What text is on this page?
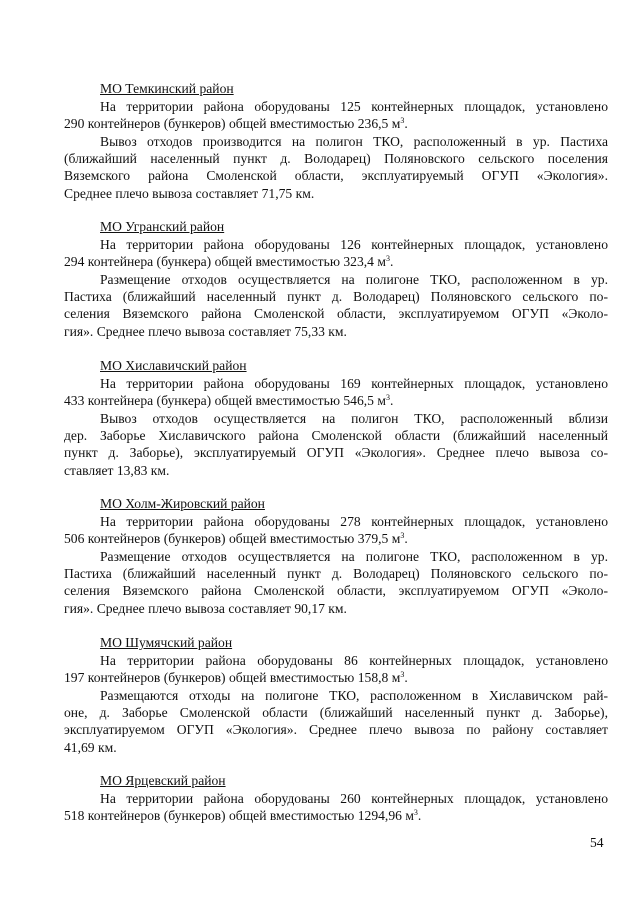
МО Темкинский район
На территории района оборудованы 125 контейнерных площадок, установлено
290 контейнеров (бункеров) общей вместимостью 236,5 $м^3$.
Вывоз отходов производится на полигон ТКО, расположенный в ур. Пастиха
(ближайший населенный пункт д. Володарец) Поляновского сельского поселения
Вяземского района Смоленской области, эксплуатируемый ОГУП «Экология».
Среднее плечо вывоза составляет 71,75 км.
МО Угранский район
На территории района оборудованы 126 контейнерных площадок, установлено
294 контейнера (бункера) общей вместимостью 323,4 $м^3$.
Размещение отходов осуществляется на полигоне ТКО, расположенном в ур.
Пастиха (ближайший населенный пункт д. Володарец) Поляновского сельского по-
селения Вяземского района Смоленской области, эксплуатируемом ОГУП «Эколо-
гия». Среднее плечо вывоза составляет 75,33 км.
МО Хиславичский район
На территории района оборудованы 169 контейнерных площадок, установлено
433 контейнера (бункера) общей вместимостью 546,5 $м^3$.
Вывоз отходов осуществляется на полигон ТКО, расположенный вблизи
дер. Заборье Хиславичского района Смоленской области (ближайший населенный
пункт д. Заборье), эксплуатируемый ОГУП «Экология». Среднее плечо вывоза со-
ставляет 13,83 км.
МО Холм-Жировский район
На территории района оборудованы 278 контейнерных площадок, установлено
506 контейнеров (бункеров) общей вместимостью 379,5 $м^3$.
Размещение отходов осуществляется на полигоне ТКО, расположенном в ур.
Пастиха (ближайший населенный пункт д. Володарец) Поляновского сельского по-
селения Вяземского района Смоленской области, эксплуатируемом ОГУП «Эколо-
гия». Среднее плечо вывоза составляет 90,17 км.
МО Шумячский район
На территории района оборудованы 86 контейнерных площадок, установлено
197 контейнеров (бункеров) общей вместимостью 158,8 $м^3$.
Размещаются отходы на полигоне ТКО, расположенном в Хиславичском рай-
оне, д. Заборье Смоленской области (ближайший населенный пункт д. Заборье),
эксплуатируемом ОГУП «Экология». Среднее плечо вывоза по району составляет
41,69 км.
МО Ярцевский район
На территории района оборудованы 260 контейнерных площадок, установлено
518 контейнеров (бункеров) общей вместимостью 1294,96 $м^3$.
54
